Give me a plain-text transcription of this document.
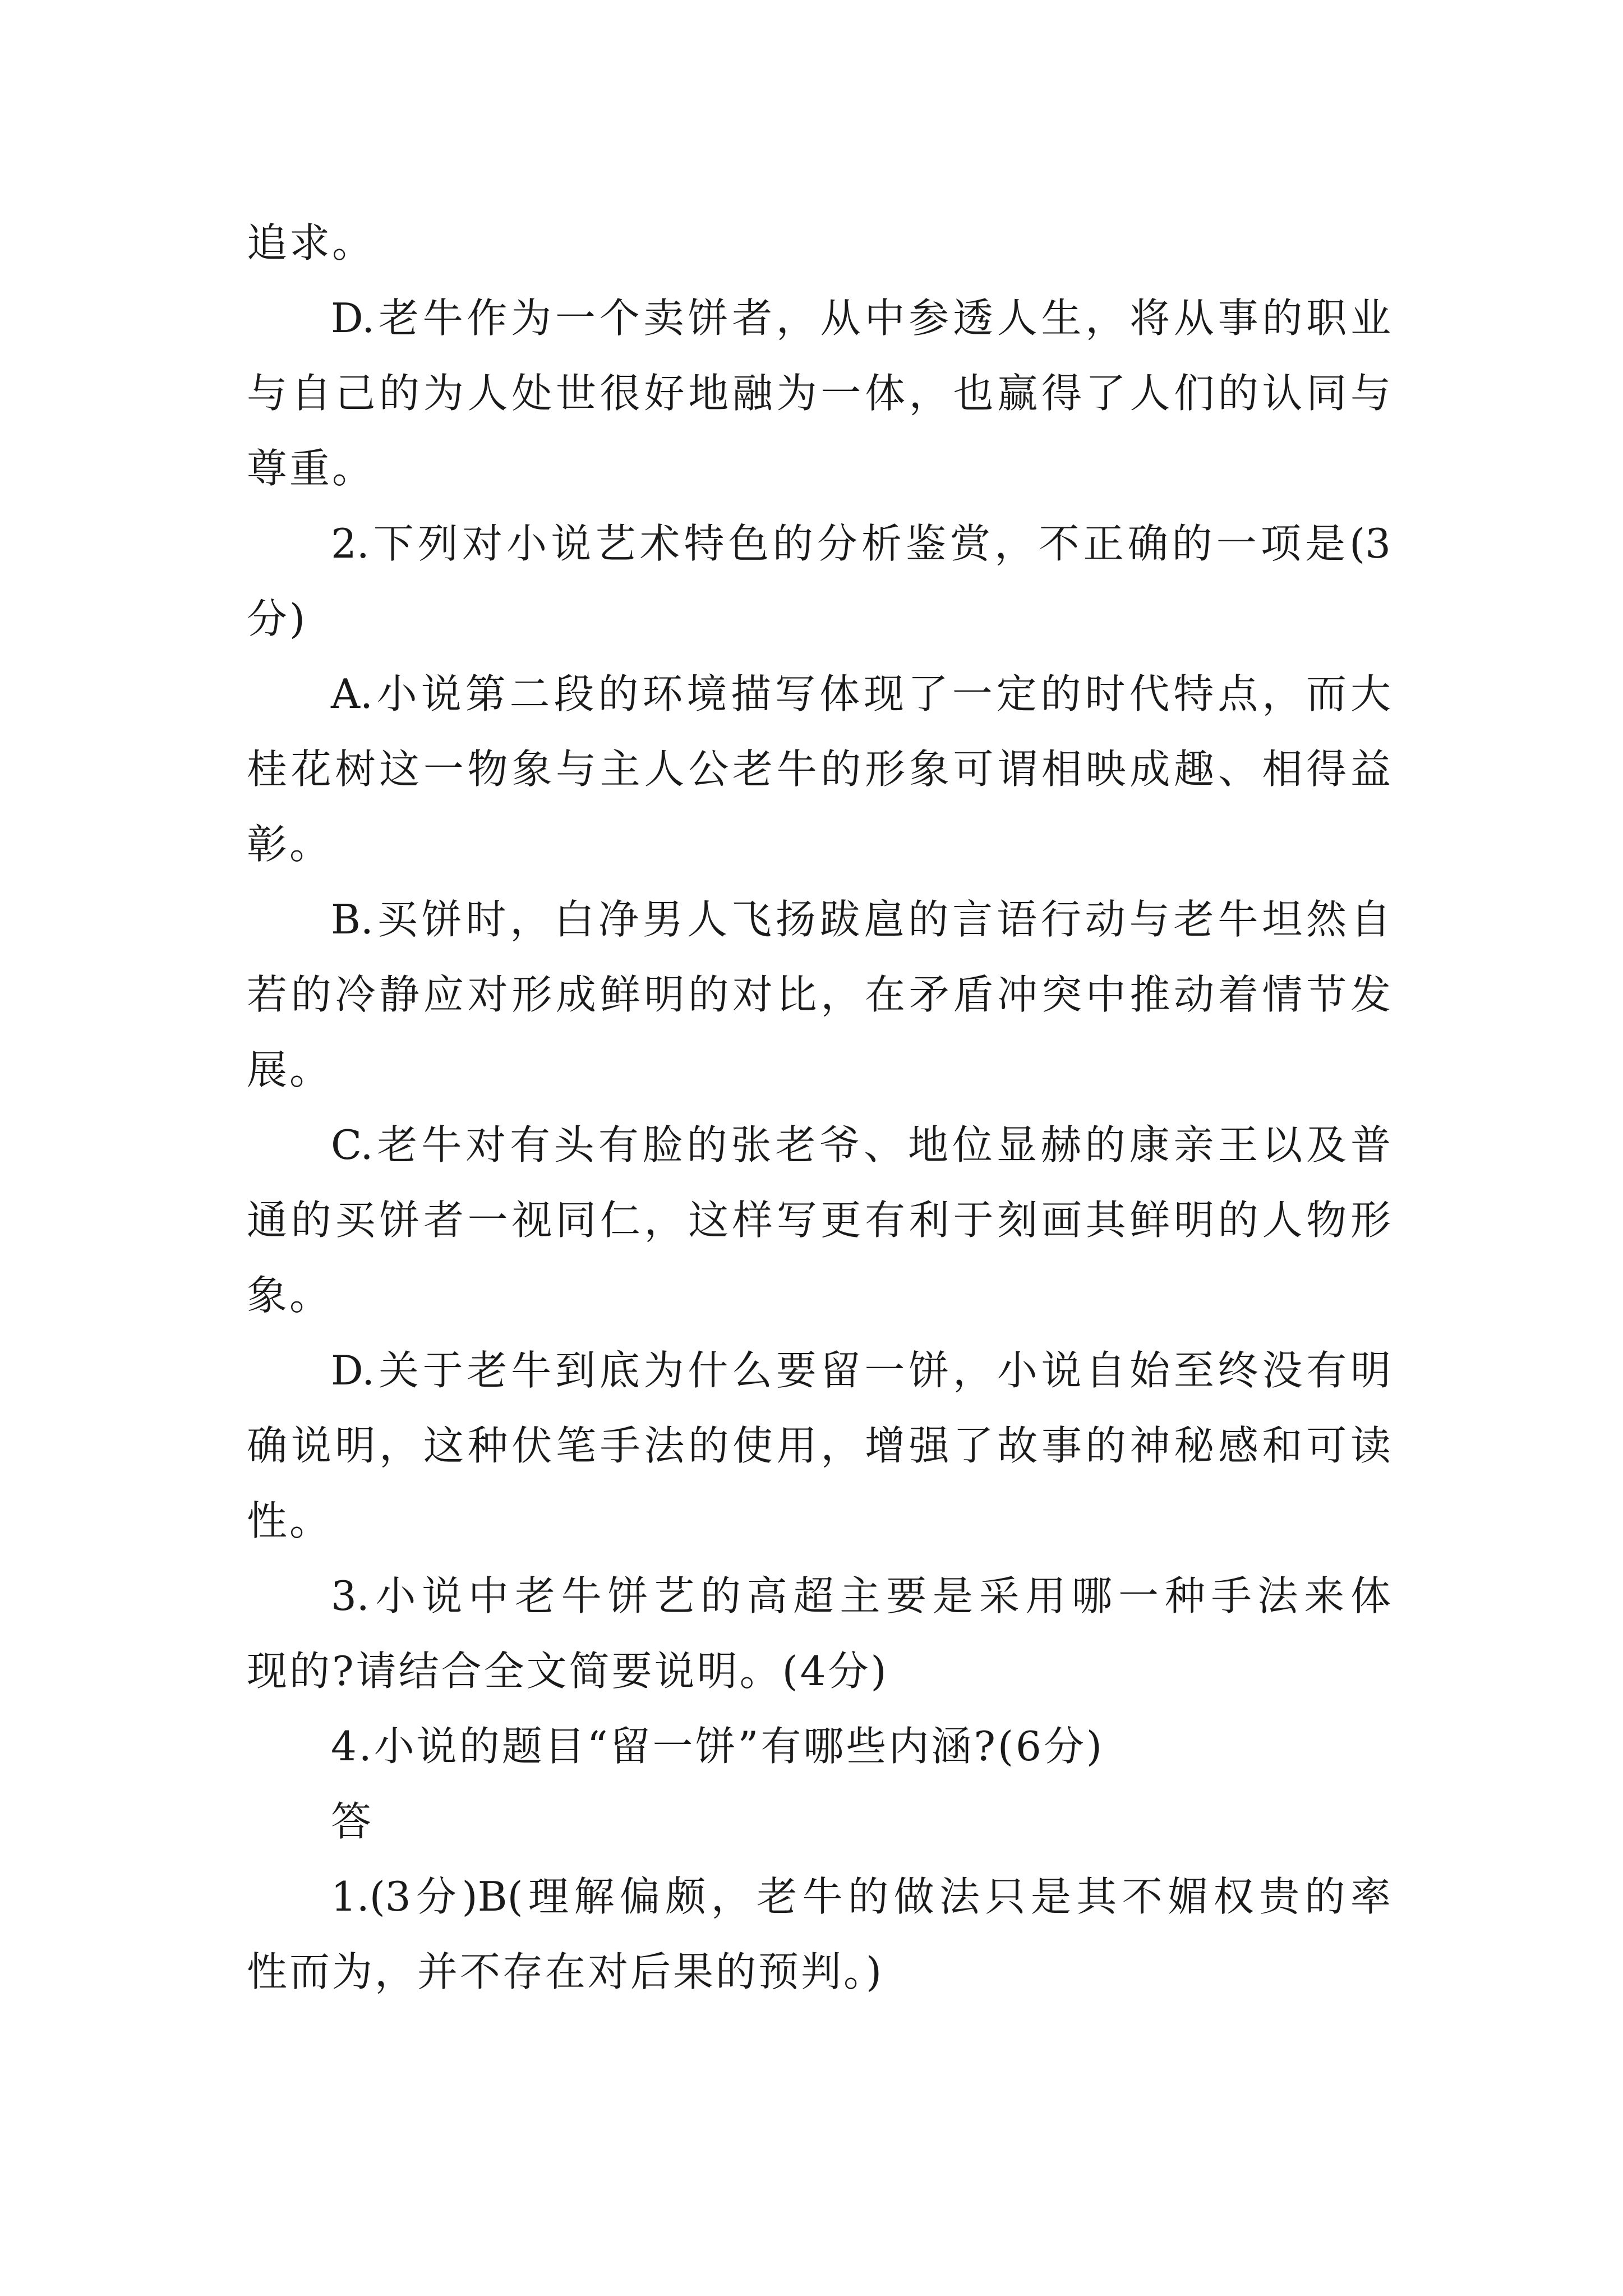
追求。

D.老牛作为一个卖饼者，从中参透人生，将从事的职业

与自己的为人处世很好地融为一体，也赢得了人们的认同与

尊重。

2.下列对小说艺术特色的分析鉴赏，不正确的一项是(3

分)

A.小说第二段的环境描写体现了一定的时代特点，而大

桂花树这一物象与主人公老牛的形象可谓相映成趣、相得益

彰。

B.买饼时，白净男人飞扬跋扈的言语行动与老牛坦然自

若的冷静应对形成鲜明的对比，在矛盾冲突中推动着情节发

展。

C.老牛对有头有脸的张老爷、地位显赫的康亲王以及普

通的买饼者一视同仁，这样写更有利于刻画其鲜明的人物形

象。

D.关于老牛到底为什么要留一饼，小说自始至终没有明

确说明，这种伏笔手法的使用，增强了故事的神秘感和可读

性。

3.小说中老牛饼艺的高超主要是采用哪一种手法来体

现的?请结合全文简要说明。(4分)

4.小说的题目“留一饼”有哪些内涵?(6分)

答

1.(3分)B(理解偏颇，老牛的做法只是其不媚权贵的率

性而为，并不存在对后果的预判。)
